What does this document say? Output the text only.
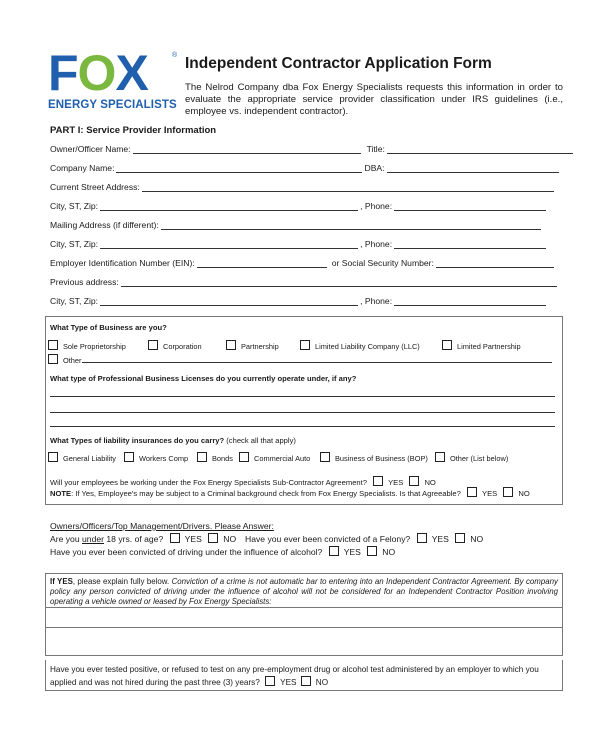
FOX	®
ENERGY SPECIALISTS
Independent Contractor Application Form
The Nelrod Company dba Fox Energy Specialists requests this information in order to evaluate the appropriate service provider classification under IRS guidelines (i.e., employee vs. independent contractor).
PART I: Service Provider Information
Owner/Officer Name:	Title:
Company Name:	DBA:
Current Street Address:
City, ST, Zip:	, Phone:
Mailing Address (if different):
City, ST, Zip:	, Phone:
Employer Identification Number (EIN):	or Social Security Number:
Previous address:
City, ST, Zip:	, Phone:
What Type of Business are you?
Sole Proprietorship	Corporation	Partnership	Limited Liability Company (LLC)	Limited Partnership
Other
What type of Professional Business Licenses do you currently operate under, if any?
What Types of liability insurances do you carry? (check all that apply)
General Liability	Workers Comp	Bonds	Commercial Auto	Business of Business (BOP)	Other (List below)
Will your employees be working under the Fox Energy Specialists Sub-Contractor Agreement?	YES	NO
NOTE: If Yes, Employee's may be subject to a Criminal background check from Fox Energy Specialists. Is that Agreeable?	YES	NO
Owners/Officers/Top Management/Drivers. Please Answer:
Are you under 18 yrs. of age? YES NO Have you ever been convicted of a Felony? YES NO
Have you ever been convicted of driving under the influence of alcohol? YES NO
If YES, please explain fully below. Conviction of a crime is not automatic bar to entering into an Independent Contractor Agreement. By company policy any person convicted of driving under the influence of alcohol will not be considered for an Independent Contractor Position involving operating a vehicle owned or leased by Fox Energy Specialists:
Have you ever tested positive, or refused to test on any pre-employment drug or alcohol test administered by an employer to which you applied and was not hired during the past three (3) years? YES NO
